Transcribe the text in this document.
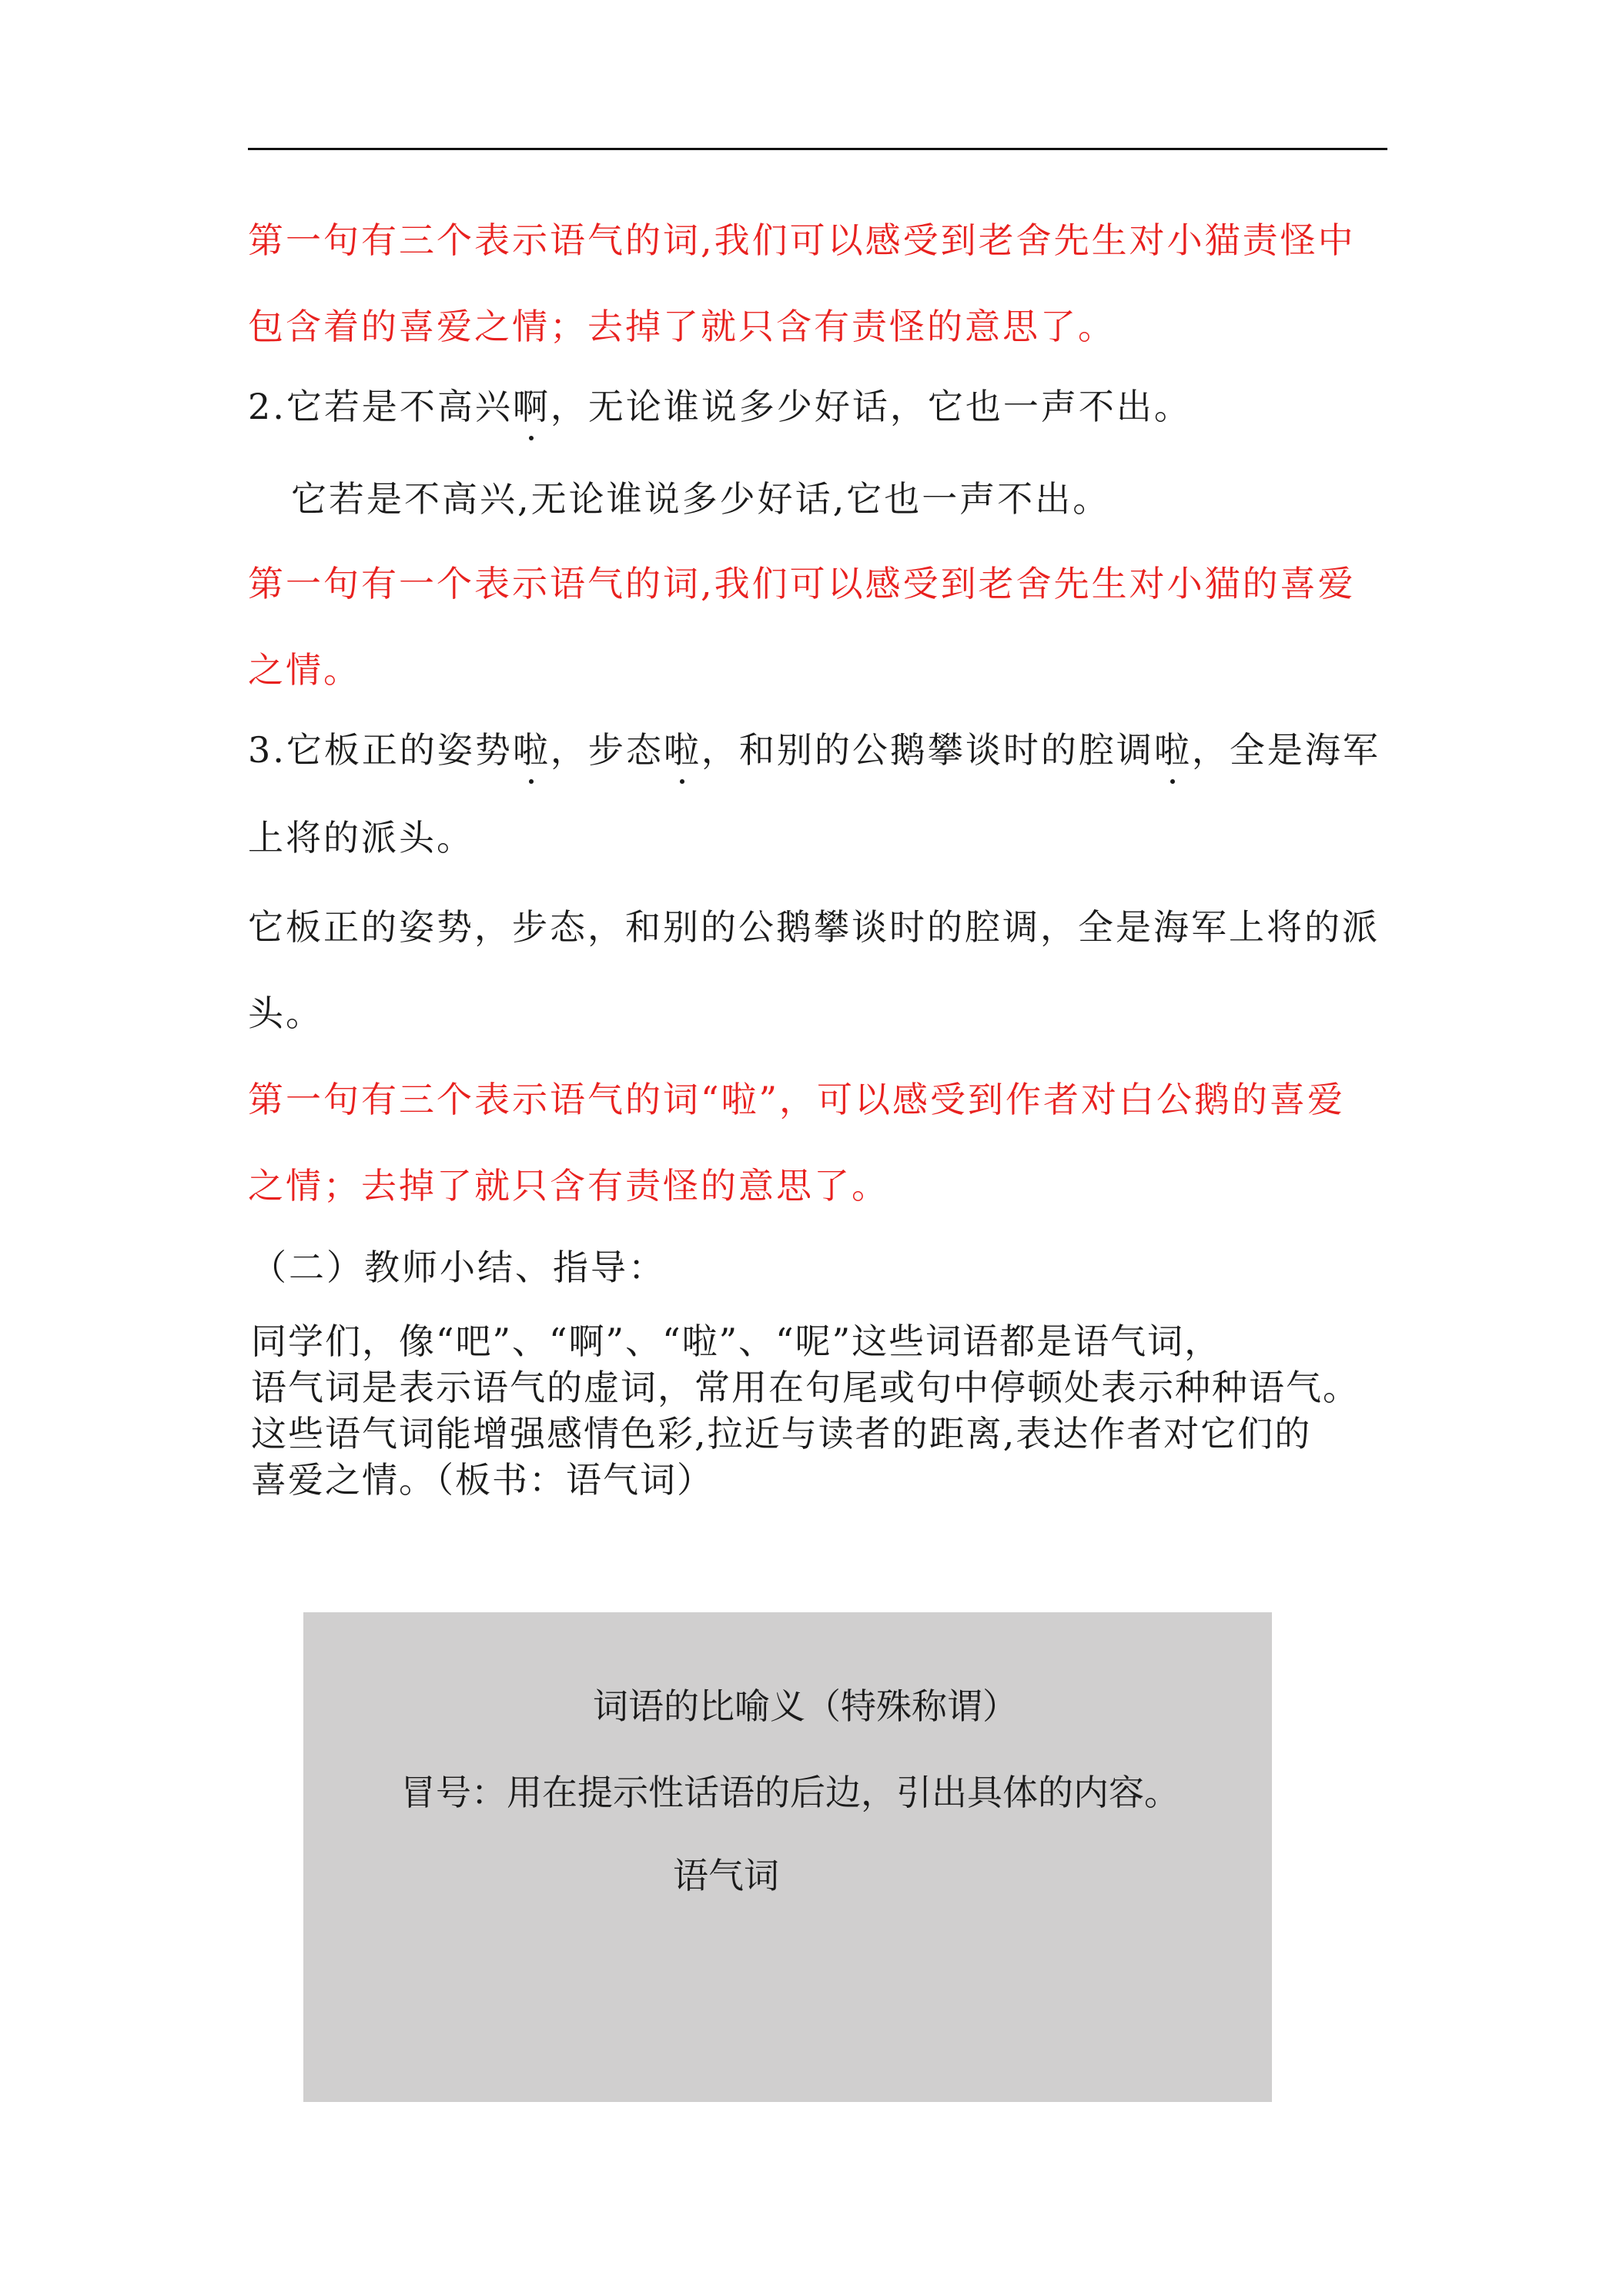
第一句有三个表示语气的词,我们可以感受到老舍先生对小猫责怪中
包含着的喜爱之情；去掉了就只含有责怪的意思了。
2.它若是不高兴啊，无论谁说多少好话，它也一声不出。
它若是不高兴,无论谁说多少好话,它也一声不出。
第一句有一个表示语气的词,我们可以感受到老舍先生对小猫的喜爱
之情。
3.它板正的姿势啦，步态啦，和别的公鹅攀谈时的腔调啦，全是海军
上将的派头。
它板正的姿势，步态，和别的公鹅攀谈时的腔调，全是海军上将的派
头。
第一句有三个表示语气的词“啦”，可以感受到作者对白公鹅的喜爱
之情；去掉了就只含有责怪的意思了。
（二）教师小结、指导：
同学们，像“吧”、“啊”、“啦”、“呢”这些词语都是语气词，
语气词是表示语气的虚词，常用在句尾或句中停顿处表示种种语气。
这些语气词能增强感情色彩,拉近与读者的距离,表达作者对它们的
喜爱之情。（板书：语气词）
词语的比喻义（特殊称谓）
冒号：用在提示性话语的后边，引出具体的内容。
语气词
